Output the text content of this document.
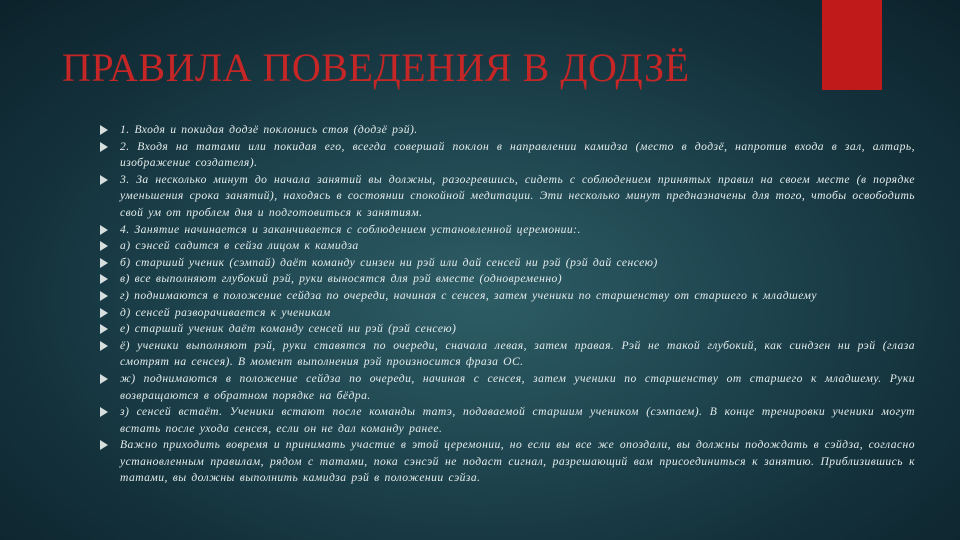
ПРАВИЛА ПОВЕДЕНИЯ В ДОДЗЁ
1. Входя и покидая додзё поклонись стоя (додзё рэй).
2. Входя на татами или покидая его, всегда совершай поклон в направлении камидза (место в додзё, напротив входа в зал, алтарь, изображение создателя).
3. За несколько минут до начала занятий вы должны, разогревшись, сидеть с соблюдением принятых правил на своем месте (в порядке уменьшения срока занятий), находясь в состоянии спокойной медитации. Эти несколько минут предназначены для того, чтобы освободить свой ум от проблем дня и подготовиться к занятиям.
4. Занятие начинается и заканчивается с соблюдением установленной церемонии:.
а) сэнсей садится в сейза лицом к камидза
б) старший ученик (сэмпай) даёт команду синзен ни рэй или дай сенсей ни рэй (рэй дай сенсею)
в) все выполняют глубокий рэй, руки выносятся для рэй вместе (одновременно)
г) поднимаются в положение сейдза по очереди, начиная с сенсея, затем ученики по старшенству от старшего к младшему
д) сенсей разворачивается к ученикам
е) старший ученик даёт команду сенсей ни рэй (рэй сенсею)
ё) ученики выполняют рэй, руки ставятся по очереди, сначала левая, затем правая. Рэй не такой глубокий, как синдзен ни рэй (глаза смотрят на сенсея). В момент выполнения рэй произносится фраза ОС.
ж) поднимаются в положение сейдза по очереди, начиная с сенсея, затем ученики по старшенству от старшего к младшему. Руки возвращаются в обратном порядке на бёдра.
з) сенсей встаёт. Ученики встают после команды татэ, подаваемой старшим учеником (сэмпаем). В конце тренировки ученики могут встать после ухода сенсея, если он не дал команду ранее.
Важно приходить вовремя и принимать участие в этой церемонии, но если вы все же опоздали, вы должны подождать в сэйдза, согласно установленным правилам, рядом с татами, пока сэнсэй не подаст сигнал, разрешающий вам присоединиться к занятию. Приблизившись к татами, вы должны выполнить камидза рэй в положении сэйза.
